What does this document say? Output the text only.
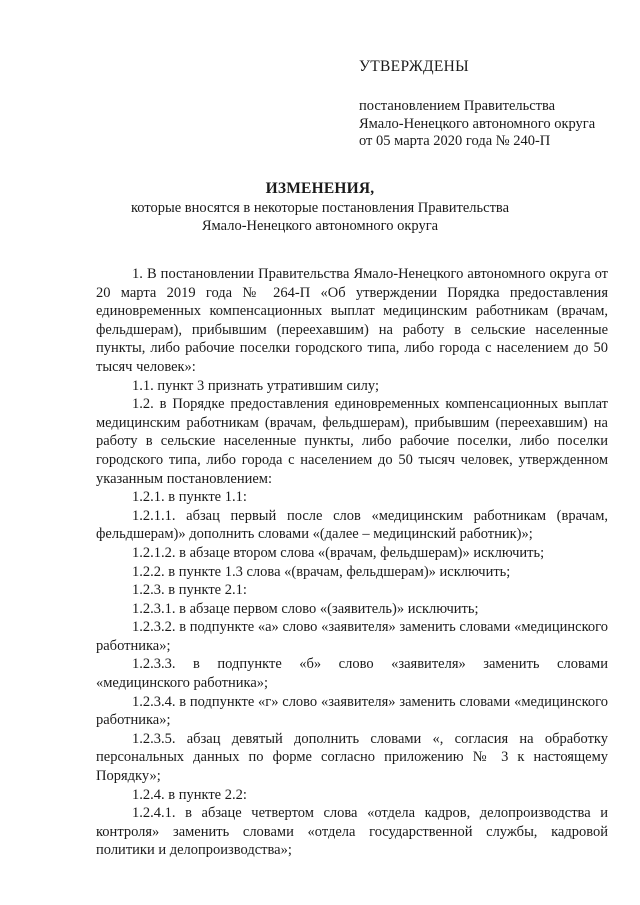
УТВЕРЖДЕНЫ
постановлением Правительства
Ямало-Ненецкого автономного округа
от 05 марта 2020 года № 240-П
ИЗМЕНЕНИЯ,
которые вносятся в некоторые постановления Правительства
Ямало-Ненецкого автономного округа

1. В постановлении Правительства Ямало-Ненецкого автономного округа от 20 марта 2019 года № 264-П «Об утверждении Порядка предоставления единовременных компенсационных выплат медицинским работникам (врачам, фельдшерам), прибывшим (переехавшим) на работу в сельские населенные пункты, либо рабочие поселки городского типа, либо города с населением до 50 тысяч человек»:

1.1. пункт 3 признать утратившим силу;

1.2. в Порядке предоставления единовременных компенсационных выплат медицинским работникам (врачам, фельдшерам), прибывшим (переехавшим) на работу в сельские населенные пункты, либо рабочие поселки, либо поселки городского типа, либо города с населением до 50 тысяч человек, утвержденном указанным постановлением:

1.2.1. в пункте 1.1:

1.2.1.1. абзац первый после слов «медицинским работникам (врачам, фельдшерам)» дополнить словами «(далее – медицинский работник)»;

1.2.1.2. в абзаце втором слова «(врачам, фельдшерам)» исключить;

1.2.2. в пункте 1.3 слова «(врачам, фельдшерам)» исключить;

1.2.3. в пункте 2.1:

1.2.3.1. в абзаце первом слово «(заявитель)» исключить;

1.2.3.2. в подпункте «а» слово «заявителя» заменить словами «медицинского работника»;

1.2.3.3. в подпункте «б» слово «заявителя» заменить словами «медицинского работника»;

1.2.3.4. в подпункте «г» слово «заявителя» заменить словами «медицинского работника»;

1.2.3.5. абзац девятый дополнить словами «, согласия на обработку персональных данных по форме согласно приложению № 3 к настоящему Порядку»;

1.2.4. в пункте 2.2:

1.2.4.1. в абзаце четвертом слова «отдела кадров, делопроизводства и контроля» заменить словами «отдела государственной службы, кадровой политики и делопроизводства»;
